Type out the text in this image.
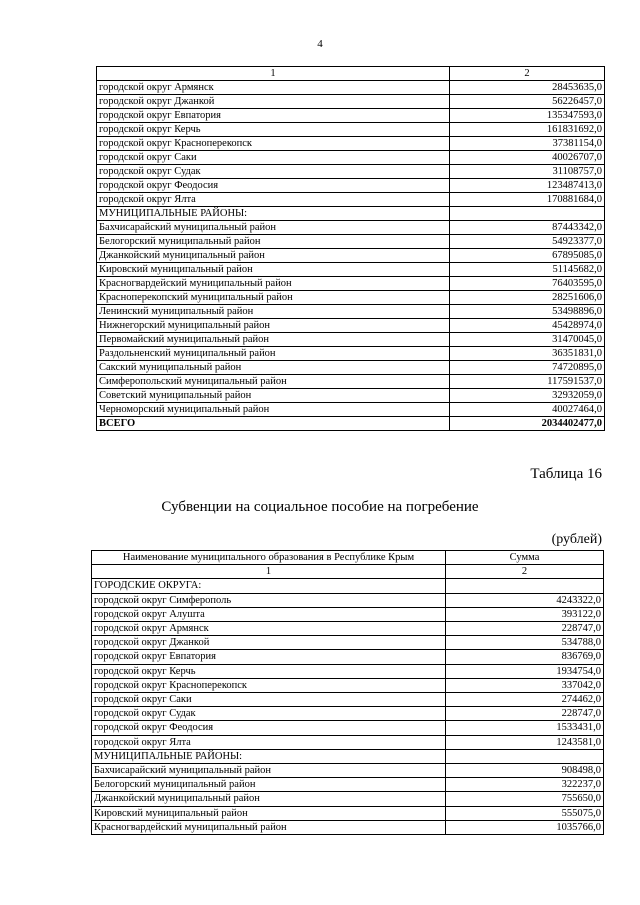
4
1	2
городской округ Армянск	28453635,0
городской округ Джанкой	56226457,0
городской округ Евпатория	135347593,0
городской округ Керчь	161831692,0
городской округ Красноперекопск	37381154,0
городской округ Саки	40026707,0
городской округ Судак	31108757,0
городской округ Феодосия	123487413,0
городской округ Ялта	170881684,0
МУНИЦИПАЛЬНЫЕ РАЙОНЫ:	
Бахчисарайский муниципальный район	87443342,0
Белогорский муниципальный район	54923377,0
Джанкойский муниципальный район	67895085,0
Кировский муниципальный район	51145682,0
Красногвардейский муниципальный район	76403595,0
Красноперекопский муниципальный район	28251606,0
Ленинский муниципальный район	53498896,0
Нижнегорский муниципальный район	45428974,0
Первомайский муниципальный район	31470045,0
Раздольненский муниципальный район	36351831,0
Сакский муниципальный район	74720895,0
Симферопольский муниципальный район	117591537,0
Советский муниципальный район	32932059,0
Черноморский муниципальный район	40027464,0
ВСЕГО	2034402477,0
Таблица 16
Субвенции на социальное пособие на погребение
(рублей)
Наименование муниципального образования в Республике Крым	Сумма
1	2
ГОРОДСКИЕ ОКРУГА:	
городской округ Симферополь	4243322,0
городской округ Алушта	393122,0
городской округ Армянск	228747,0
городской округ Джанкой	534788,0
городской округ Евпатория	836769,0
городской округ Керчь	1934754,0
городской округ Красноперекопск	337042,0
городской округ Саки	274462,0
городской округ Судак	228747,0
городской округ Феодосия	1533431,0
городской округ Ялта	1243581,0
МУНИЦИПАЛЬНЫЕ РАЙОНЫ:	
Бахчисарайский муниципальный район	908498,0
Белогорский муниципальный район	322237,0
Джанкойский муниципальный район	755650,0
Кировский муниципальный район	555075,0
Красногвардейский муниципальный район	1035766,0
